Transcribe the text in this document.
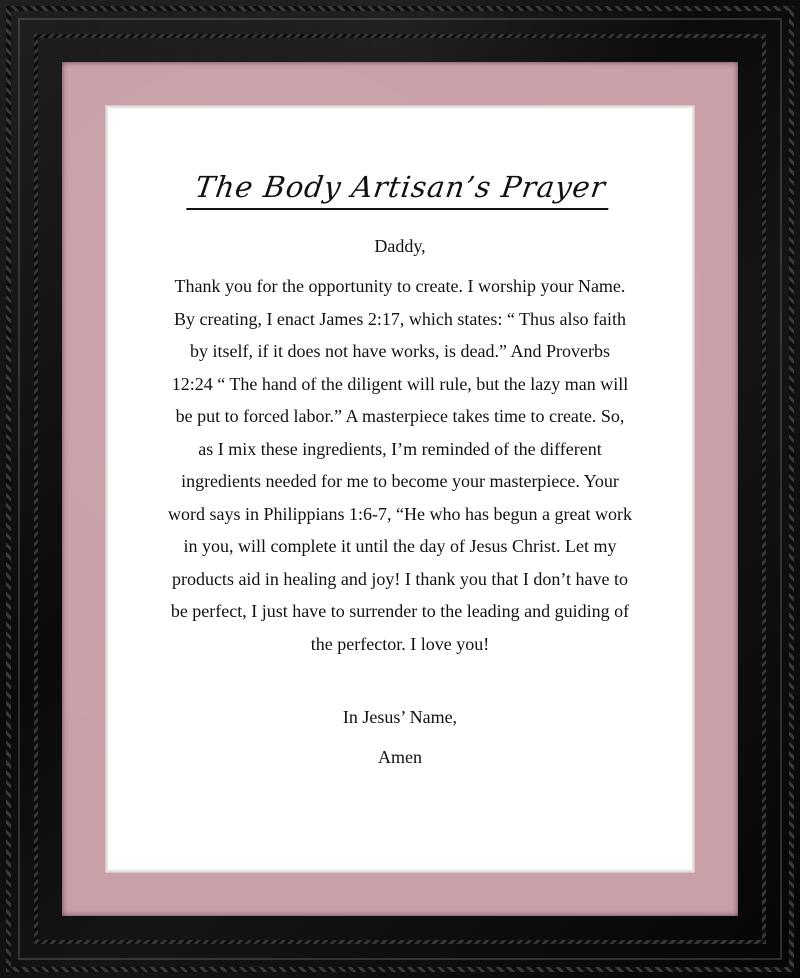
The Body Artisan’s Prayer
Daddy,
Thank you for the opportunity to create. I worship your Name. By creating, I enact James 2:17, which states: “ Thus also faith by itself, if it does not have works, is dead.” And Proverbs 12:24 “ The hand of the diligent will rule, but the lazy man will be put to forced labor.” A masterpiece takes time to create. So, as I mix these ingredients, I’m reminded of the different ingredients needed for me to become your masterpiece. Your word says in Philippians 1:6-7, “He who has begun a great work in you, will complete it until the day of Jesus Christ. Let my products aid in healing and joy! I thank you that I don’t have to be perfect, I just have to surrender to the leading and guiding of the perfector. I love you!
In Jesus’ Name,
Amen
